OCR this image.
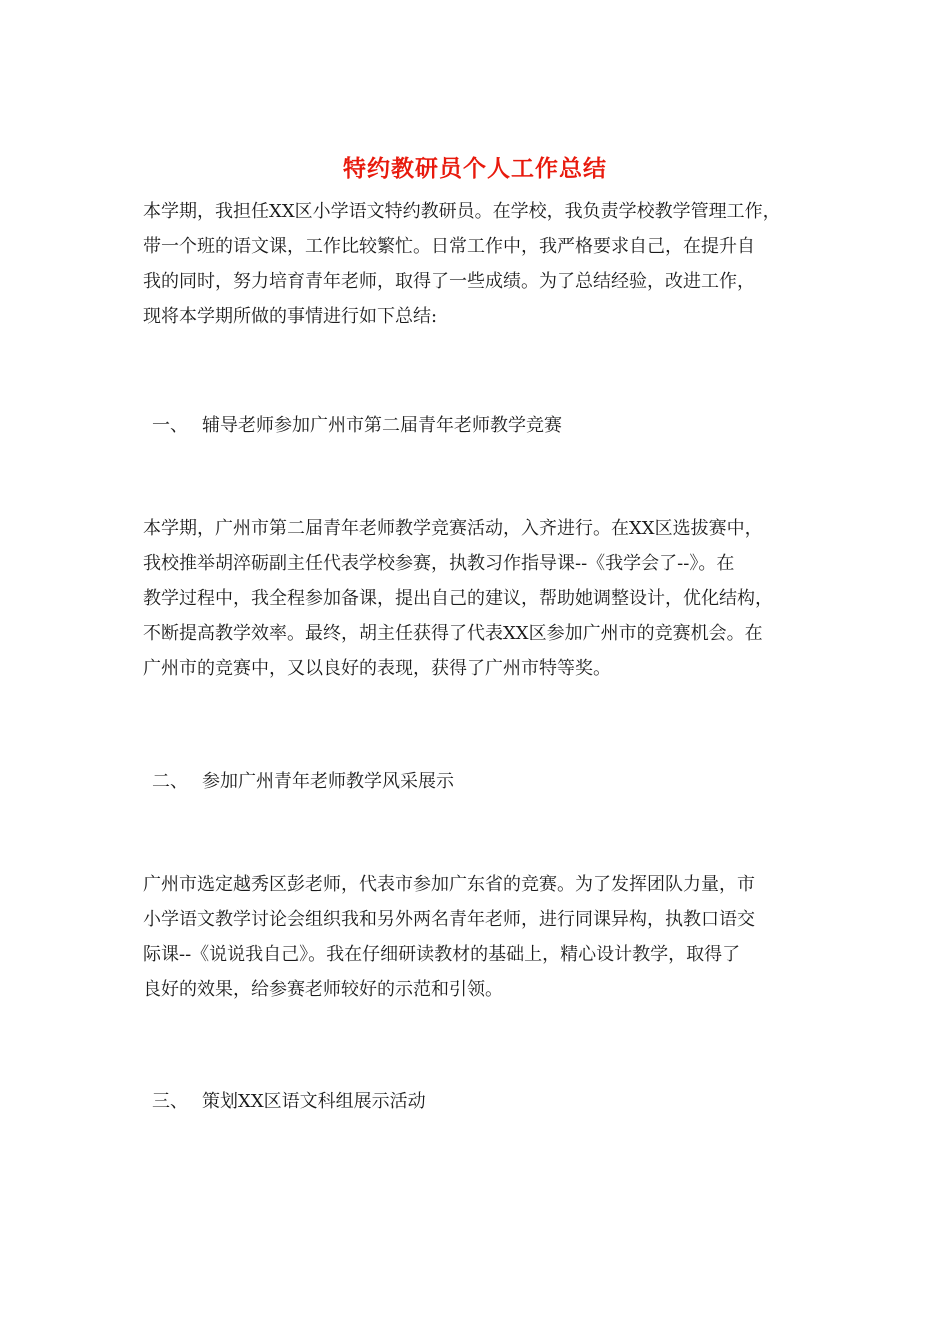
特约教研员个人工作总结
本学期，我担任XX区小学语文特约教研员。在学校，我负责学校教学管理工作，
带一个班的语文课，工作比较繁忙。日常工作中，我严格要求自己，在提升自
我的同时，努力培育青年老师，取得了一些成绩。为了总结经验，改进工作，
现将本学期所做的事情进行如下总结:
一、 辅导老师参加广州市第二届青年老师教学竞赛
本学期，广州市第二届青年老师教学竞赛活动，入齐进行。在XX区选拔赛中，
我校推举胡淬砺副主任代表学校参赛，执教习作指导课--《我学会了--》。在
教学过程中，我全程参加备课，提出自己的建议，帮助她调整设计，优化结构，
不断提高教学效率。最终，胡主任获得了代表XX区参加广州市的竞赛机会。在
广州市的竞赛中，又以良好的表现，获得了广州市特等奖。
二、 参加广州青年老师教学风采展示
广州市选定越秀区彭老师，代表市参加广东省的竞赛。为了发挥团队力量，市
小学语文教学讨论会组织我和另外两名青年老师，进行同课异构，执教口语交
际课--《说说我自己》。我在仔细研读教材的基础上，精心设计教学，取得了
良好的效果，给参赛老师较好的示范和引领。
三、 策划XX区语文科组展示活动
